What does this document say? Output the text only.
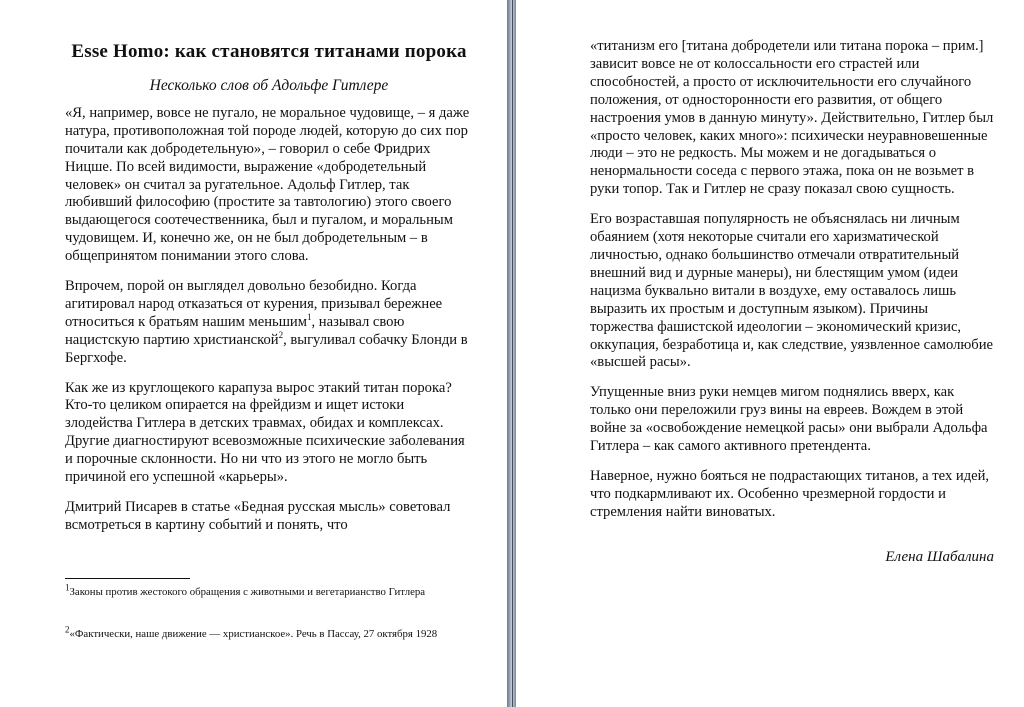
Esse Homo: как становятся титанами порока
Несколько слов об Адольфе Гитлере

«Я, например, вовсе не пугало, не моральное чудовище, – я даже натура, противоположная той породе людей, которую до сих пор почитали как добродетельную», – говорил о себе Фридрих Ницше. По всей видимости, выражение «добродетельный человек» он считал за ругательное. Адольф Гитлер, так любивший философию (простите за тавтологию) этого своего выдающегося соотечественника, был и пугалом, и моральным чудовищем. И, конечно же, он не был добродетельным – в общепринятом понимании этого слова.

Впрочем, порой он выглядел довольно безобидно. Когда агитировал народ отказаться от курения, призывал бережнее относиться к братьям нашим меньшим$^1$, называл свою нацистскую партию христианской$^2$, выгуливал собачку Блонди в Бергхофе.

Как же из круглощекого карапуза вырос этакий титан порока? Кто-то целиком опирается на фрейдизм и ищет истоки злодейства Гитлера в детских травмах, обидах и комплексах. Другие диагностируют всевозможные психические заболевания и порочные склонности. Но ни что из этого не могло быть причиной его успешной «карьеры».

Дмитрий Писарев в статье «Бедная русская мысль» советовал всмотреться в картину событий и понять, что

$^1$Законы против жестокого обращения с животными и вегетарианство Гитлера
$^2$«Фактически, наше движение — христианское». Речь в Пассау, 27 октября 1928

«титанизм его [титана добродетели или титана порока – прим.] зависит вовсе не от колоссальности его страстей или способностей, а просто от исключительности его случайного положения, от односторонности его развития, от общего настроения умов в данную минуту». Действительно, Гитлер был «просто человек, каких много»: психически неуравновешенные люди – это не редкость. Мы можем и не догадываться о ненормальности соседа с первого этажа, пока он не возьмет в руки топор. Так и Гитлер не сразу показал свою сущность.

Его возраставшая популярность не объяснялась ни личным обаянием (хотя некоторые считали его харизматической личностью, однако большинство отмечали отвратительный внешний вид и дурные манеры), ни блестящим умом (идеи нацизма буквально витали в воздухе, ему оставалось лишь выразить их простым и доступным языком). Причины торжества фашистской идеологии – экономический кризис, оккупация, безработица и, как следствие, уязвленное самолюбие «высшей расы».

Упущенные вниз руки немцев мигом поднялись вверх, как только они переложили груз вины на евреев. Вождем в этой войне за «освобождение немецкой расы» они выбрали Адольфа Гитлера – как самого активного претендента.

Наверное, нужно бояться не подрастающих титанов, а тех идей, что подкармливают их. Особенно чрезмерной гордости и стремления найти виноватых.

Елена Шабалина
